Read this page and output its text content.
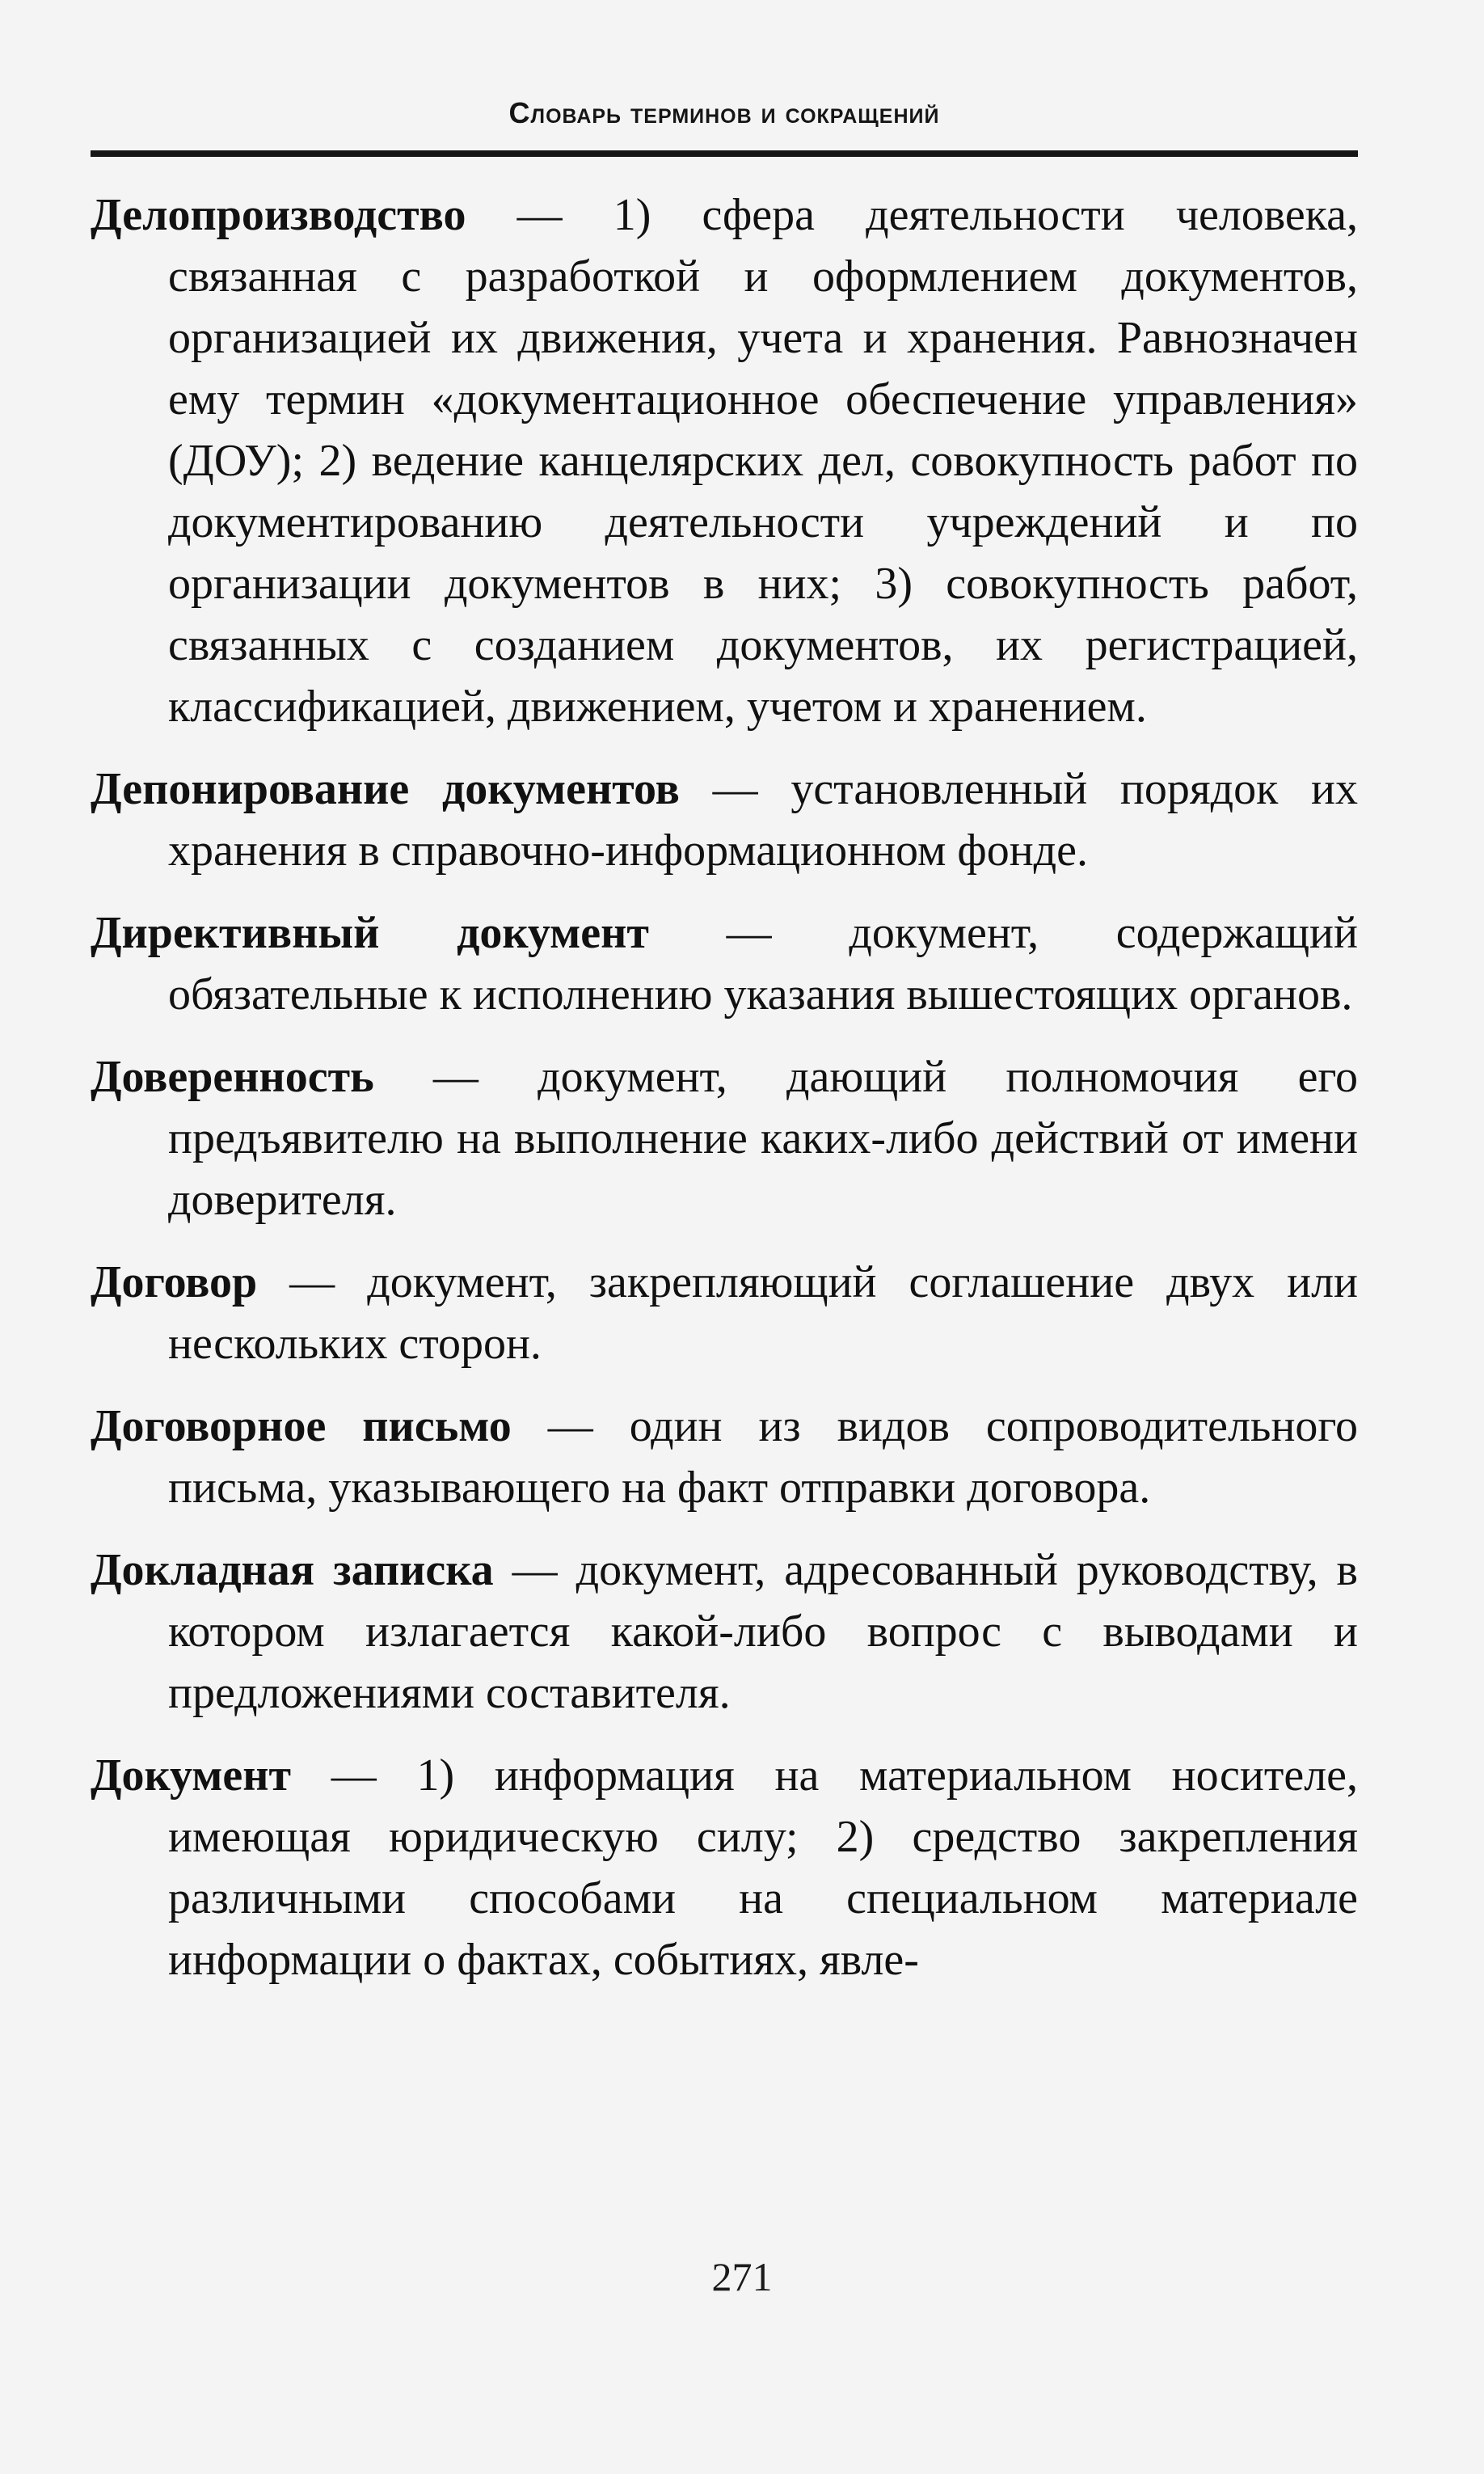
Словарь терминов и сокращений

Делопроизводство — 1) сфера деятельности человека, связанная с разработкой и оформлением документов, организацией их движения, учета и хранения. Равнозначен ему термин «документационное обеспечение управления» (ДОУ); 2) ведение канцелярских дел, совокупность работ по документированию деятельности учреждений и по организации документов в них; 3) совокупность работ, связанных с созданием документов, их регистрацией, классификацией, движением, учетом и хранением.

Депонирование документов — установленный порядок их хранения в справочно-информационном фонде.

Директивный документ — документ, содержащий обязательные к исполнению указания вышестоящих органов.

Доверенность — документ, дающий полномочия его предъявителю на выполнение каких-либо действий от имени доверителя.

Договор — документ, закрепляющий соглашение двух или нескольких сторон.

Договорное письмо — один из видов сопроводительного письма, указывающего на факт отправки договора.

Докладная записка — документ, адресованный руководству, в котором излагается какой-либо вопрос с выводами и предложениями составителя.

Документ — 1) информация на материальном носителе, имеющая юридическую силу; 2) средство закрепления различными способами на специальном материале информации о фактах, событиях, явле-

271
